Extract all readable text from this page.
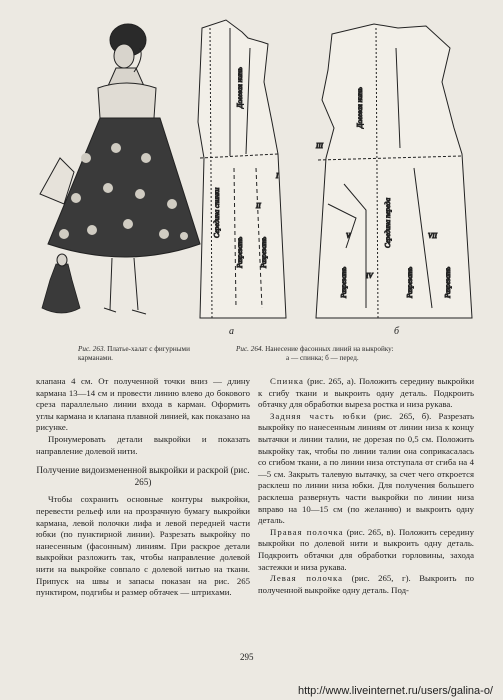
Середина спинки
Долевая нить
Разрезать Разрезать
I
II	Середина переда
Долевая нить
Разрезать	Разрезать	Разрезать
V
IV
VII
III
а	б
Рис. 263. Платье-халат с фигурными карманами.
Рис. 264. Нанесение фасонных линий на выкройку:
а — спинка; б — перед.

клапана 4 см. От полученной точки вниз — длину кармана 13—14 см и провести линию влево до бокового среза параллельно линии входа в карман. Оформить углы кармана и клапана плавной линией, как показано на рисунке.

Пронумеровать детали выкройки и показать направление долевой нити.

Получение видоизмененной выкройки и раскрой (рис. 265)

Чтобы сохранить основные контуры выкройки, перевести рельеф или на прозрачную бумагу выкройки кармана, левой полочки лифа и левой передней части юбки (по пунктирной линии). Разрезать выкройку по нанесенным (фасонным) линиям. При раскрое детали выкройки разложить так, чтобы направление долевой нити на выкройке совпало с долевой нитью на ткани. Припуск на швы и запасы показан на рис. 265 пунктиром, подгибы и размер обтачек — штрихами.

Спинка (рис. 265, а). Положить середину выкройки к сгибу ткани и выкроить одну деталь. Подкроить обтачку для обработки выреза ростка и низа рукава.

Задняя часть юбки (рис. 265, б). Разрезать выкройку по нанесенным линиям от линии низа к концу вытачки и линии талии, не дорезая по 0,5 см. Положить выкройку так, чтобы по линии талии она соприкасалась со сгибом ткани, а по линии низа отступала от сгиба на 4—5 см. Закрыть талевую вытачку, за счет чего откроется расклеш по линии низа юбки. Для получения большего расклеша развернуть части выкройки по линии низа вправо на 10—15 см (по желанию) и выкроить одну деталь.

Правая полочка (рис. 265, в). Положить середину выкройки по долевой нити и выкроить одну деталь. Подкроить обтачки для обработки горловины, захода застежки и низа рукава.

Левая полочка (рис. 265, г). Выкроить по полученной выкройке одну деталь. Под-

295
http://www.liveinternet.ru/users/galina-o/
